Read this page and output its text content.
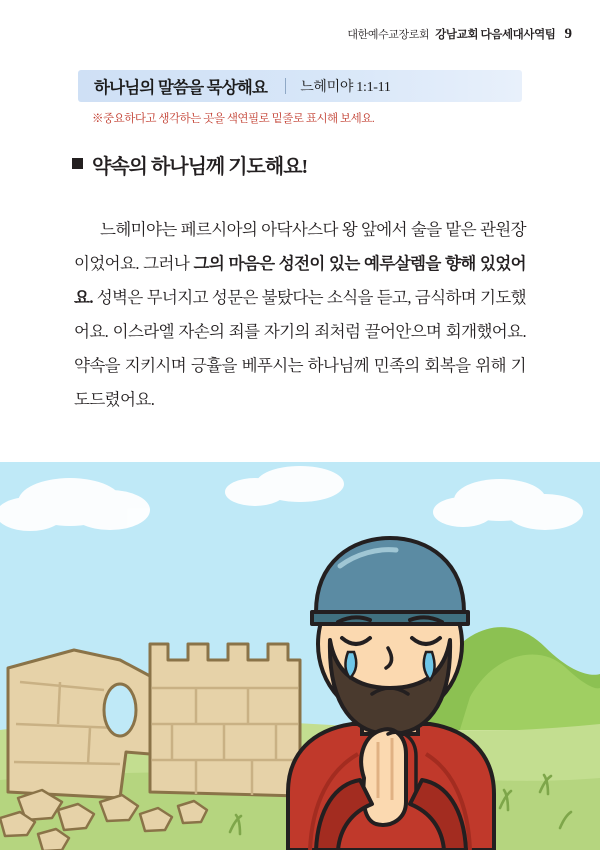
대한예수교장로회 강남교회 다음세대사역팀 9
하나님의 말씀을 묵상해요 느헤미야 1:1-11
※중요하다고 생각하는 곳을 색연필로 밑줄로 표시해 보세요.
약속의 하나님께 기도해요!

느헤미야는 페르시아의 아닥사스다 왕 앞에서 술을 맡은 관원장이었어요. 그러나 그의 마음은 성전이 있는 예루살렘을 향해 있었어요. 성벽은 무너지고 성문은 불탔다는 소식을 듣고, 금식하며 기도했어요. 이스라엘 자손의 죄를 자기의 죄처럼 끌어안으며 회개했어요. 약속을 지키시며 긍휼을 베푸시는 하나님께 민족의 회복을 위해 기도드렸어요.
